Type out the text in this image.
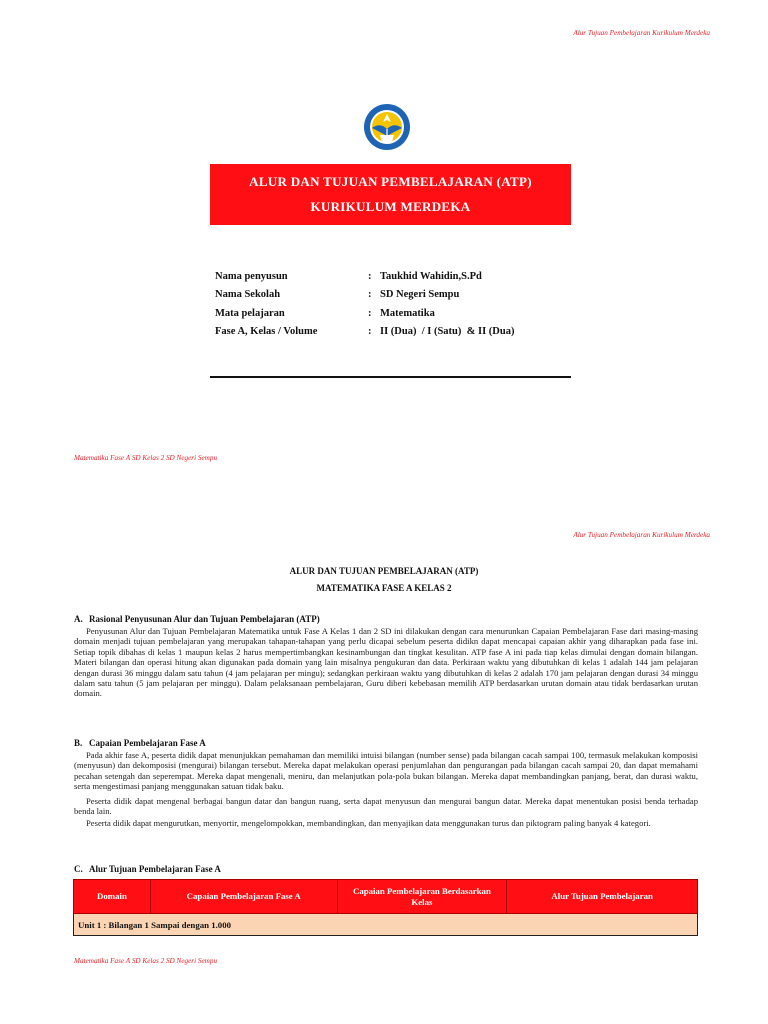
Alur Tujuan Pembelajaran Kurikulum Merdeka
ALUR DAN TUJUAN PEMBELAJARAN (ATP)
KURIKULUM MERDEKA
Nama penyusun	: Taukhid Wahidin,S.Pd
Nama Sekolah	: SD Negeri Sempu
Mata pelajaran	: Matematika
Fase A, Kelas / Volume	: II (Dua)  / I (Satu)  & II (Dua)
Matematika Fase A SD Kelas 2 SD Negeri Sempu
Alur Tujuan Pembelajaran Kurikulum Merdeka
ALUR DAN TUJUAN PEMBELAJARAN (ATP)
MATEMATIKA FASE A KELAS 2
A. Rasional Penyusunan Alur dan Tujuan Pembelajaran (ATP)

Penyusunan Alur dan Tujuan Pembelajaran Matematika untuk Fase A Kelas 1 dan 2 SD ini dilakukan dengan cara menurunkan Capaian Pembelajaran Fase dari masing-masing domain menjadi tujuan pembelajaran yang merupakan tahapan-tahapan yang perlu dicapai sebelum peserta didikn dapat mencapai capaian akhir yang diharapkan pada fase ini. Setiap topik dibahas di kelas 1 maupun kelas 2 harus mempertimbangkan kesinambungan dan tingkat kesulitan. ATP fase A ini pada tiap kelas dimulai dengan domain bilangan. Materi bilangan dan operasi hitung akan digunakan pada domain yang lain misalnya pengukuran dan data. Perkiraan waktu yang dibutuhkan di kelas 1 adalah 144 jam pelajaran dengan durasi 36 minggu dalam satu tahun (4 jam pelajaran per mingu); sedangkan perkiraan waktu yang dibutuhkan di kelas 2 adalah 170 jam pelajaran dengan durasi 34 minggu dalam satu tahun (5 jam pelajaran per minggu). Dalam pelaksanaan pembelajaran, Guru diberi kebebasan memilih ATP berdasarkan urutan domain atau tidak berdasarkan urutan domain.

B. Capaian Pembelajaran Fase A

Pada akhir fase A, peserta didik dapat menunjukkan pemahaman dan memiliki intuisi bilangan (number sense) pada bilangan cacah sampai 100, termasuk melakukan komposisi (menyusun) dan dekomposisi (mengurai) bilangan tersebut. Mereka dapat melakukan operasi penjumlahan dan pengurangan pada bilangan cacah sampai 20, dan dapat memahami pecahan setengah dan seperempat. Mereka dapat mengenali, meniru, dan melanjutkan pola-pola bukan bilangan. Mereka dapat membandingkan panjang, berat, dan durasi waktu, serta mengestimasi panjang menggunakan satuan tidak baku.

Peserta didik dapat mengenal berbagai bangun datar dan bangun ruang, serta dapat menyusun dan mengurai bangun datar. Mereka dapat menentukan posisi benda terhadap benda lain.

Peserta didik dapat mengurutkan, menyortir, mengelompokkan, membandingkan, dan menyajikan data menggunakan turus dan piktogram paling banyak 4 kategori.

C. Alur Tujuan Pembelajaran Fase A
Domain	Capaian Pembelajaran Fase A	Capaian Pembelajaran Berdasarkan Kelas	Alur Tujuan Pembelajaran
Unit 1 : Bilangan 1 Sampai dengan 1.000
Matematika Fase A SD Kelas 2 SD Negeri Sempu
